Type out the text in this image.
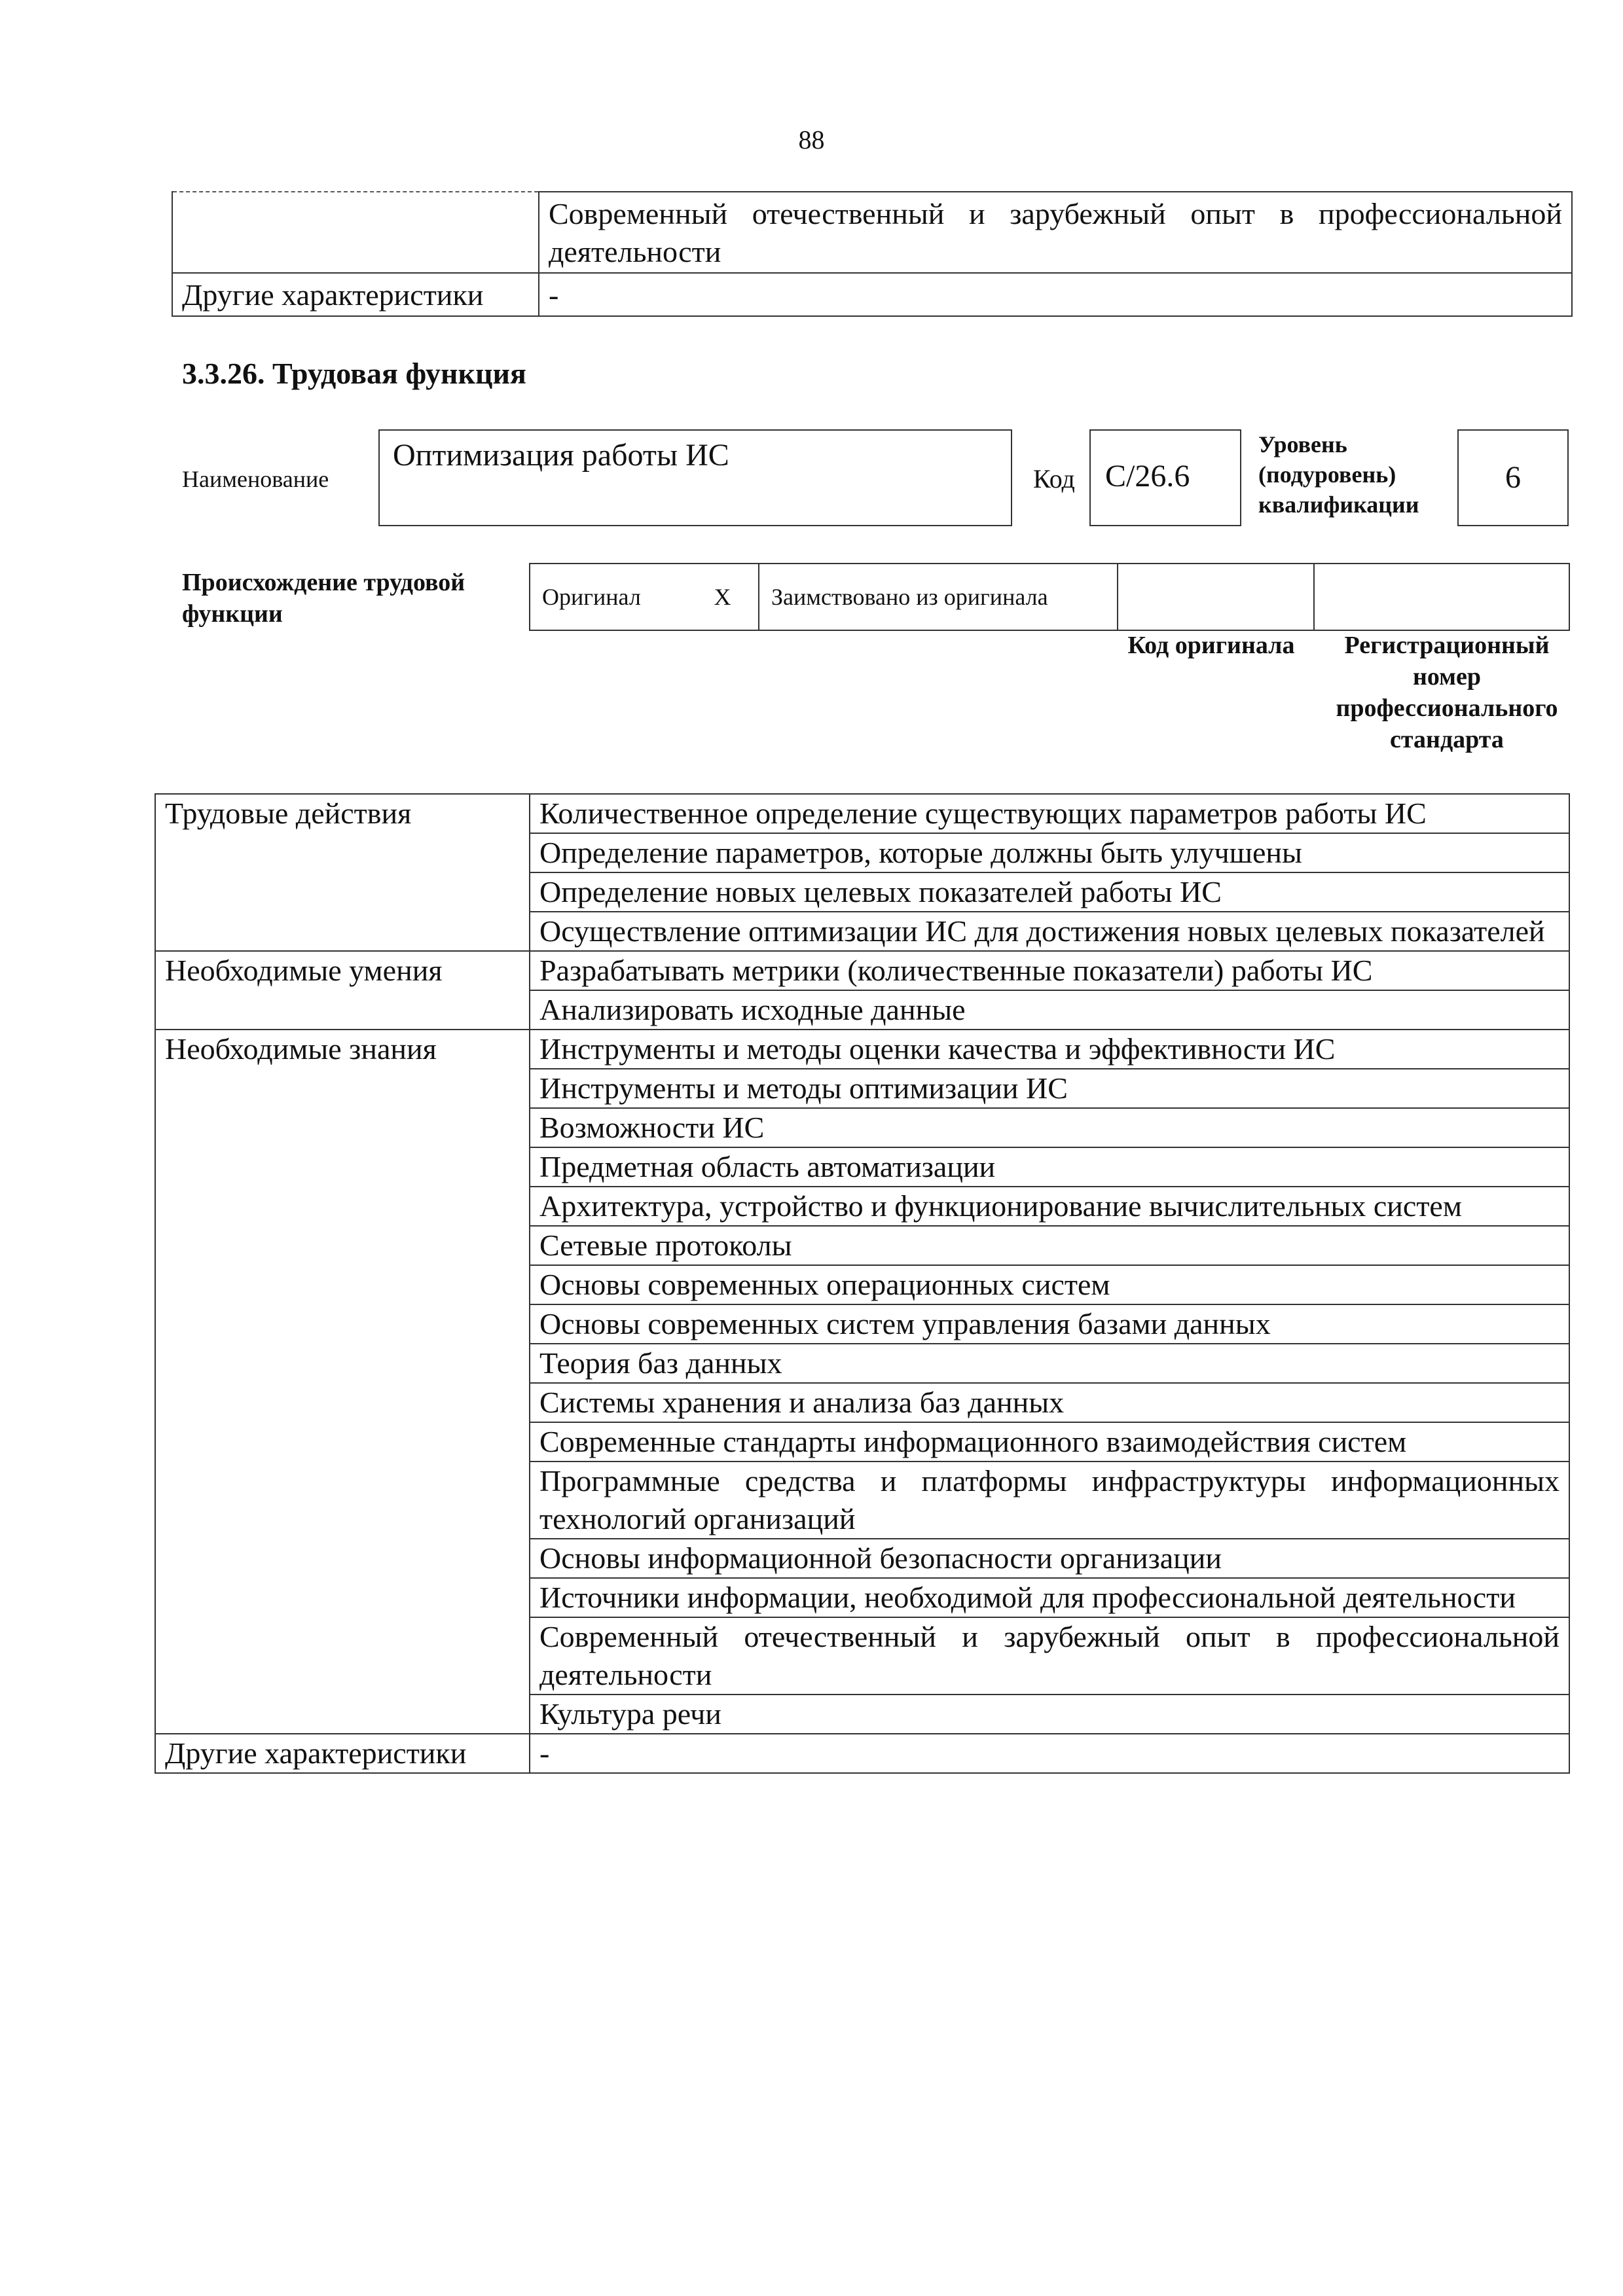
88
	Современный отечественный и зарубежный опыт в профессиональной деятельности
Другие характеристики	-
3.3.26. Трудовая функция
Наименование
Оптимизация работы ИС
Код C/26.6
Уровень
(подуровень)
квалификации
6
Происхождение трудовой функции
Оригинал	X	Заимствовано из оригинала		
Код оригинала	Регистрационный номер профессионального стандарта
Трудовые действия	Количественное определение существующих параметров работы ИС
	Определение параметров, которые должны быть улучшены
	Определение новых целевых показателей работы ИС
	Осуществление оптимизации ИС для достижения новых целевых показателей
Необходимые умения	Разрабатывать метрики (количественные показатели) работы ИС
	Анализировать исходные данные
Необходимые знания	Инструменты и методы оценки качества и эффективности ИС
	Инструменты и методы оптимизации ИС
	Возможности ИС
	Предметная область автоматизации
	Архитектура, устройство и функционирование вычислительных систем
	Сетевые протоколы
	Основы современных операционных систем
	Основы современных систем управления базами данных
	Теория баз данных
	Системы хранения и анализа баз данных
	Современные стандарты информационного взаимодействия систем
	Программные средства и платформы инфраструктуры информационных технологий организаций
	Основы информационной безопасности организации
	Источники информации, необходимой для профессиональной деятельности
	Современный отечественный и зарубежный опыт в профессиональной деятельности
	Культура речи
Другие характеристики	-
